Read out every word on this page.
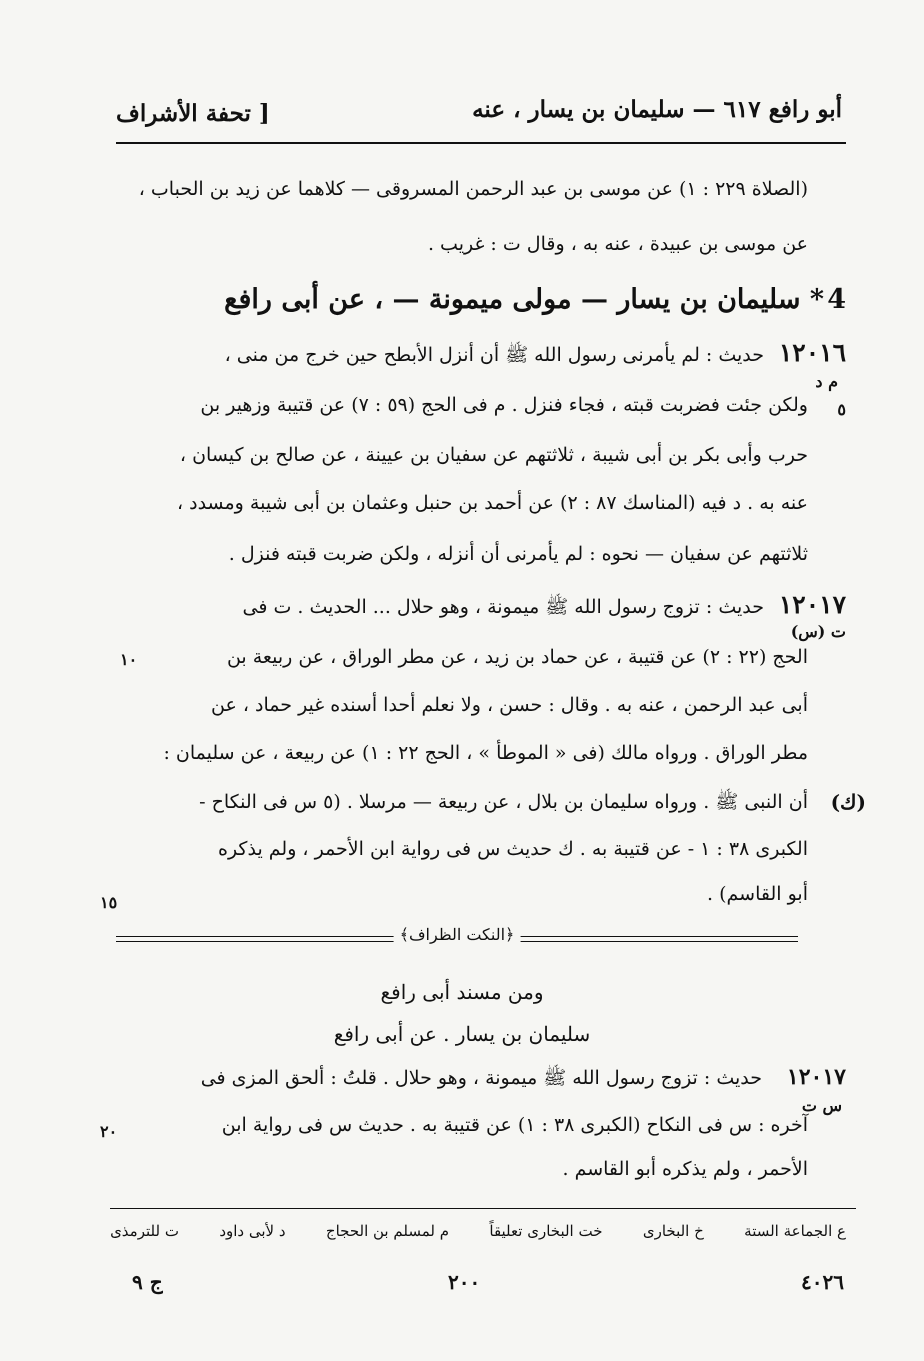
أبو رافع ٦١٧ — سليمان بن يسار ، عنه
[ تحفة الأشراف
(الصلاة ٢٢٩ : ١) عن موسى بن عبد الرحمن المسروقى — كلاهما عن زيد بن الحباب ،
عن موسى بن عبيدة ، عنه به ، وقال ت : غريب .
4
* سليمان بن يسار — مولى ميمونة — ، عن أبى رافع
١٢٠١٦
حديث : لم يأمرنى رسول الله ﷺ أن أنزل الأبطح حين خرج من منى ،
م د
ولكن جئت فضربت قبته ، فجاء فنزل . م فى الحج (٥٩ : ٧) عن قتيبة وزهير بن ٥
حرب وأبى بكر بن أبى شيبة ، ثلاثتهم عن سفيان بن عيينة ، عن صالح بن كيسان ،
عنه به . د فيه (المناسك ٨٧ : ٢) عن أحمد بن حنبل وعثمان بن أبى شيبة ومسدد ،
ثلاثتهم عن سفيان — نحوه : لم يأمرنى أن أنزله ، ولكن ضربت قبته فنزل .
١٢٠١٧
حديث : تزوج رسول الله ﷺ ميمونة ، وهو حلال ... الحديث . ت فى
ت (س)
الحج (٢٢ : ٢) عن قتيبة ، عن حماد بن زيد ، عن مطر الوراق ، عن ربيعة بن
١٠
أبى عبد الرحمن ، عنه به . وقال : حسن ، ولا نعلم أحدا أسنده غير حماد ، عن
مطر الوراق . ورواه مالك (فى « الموطأ » ، الحج ٢٢ : ١) عن ربيعة ، عن سليمان :
(ك)
أن النبى ﷺ . ورواه سليمان بن بلال ، عن ربيعة — مرسلا . (٥ س فى النكاح -
الكبرى ٣٨ : ١ - عن قتيبة به . ك حديث س فى رواية ابن الأحمر ، ولم يذكره
أبو القاسم) .
١٥
﴿النكت الظراف﴾
ومن مسند أبى رافع
سليمان بن يسار . عن أبى رافع
١٢٠١٧
حديث : تزوج رسول الله ﷺ ميمونة ، وهو حلال . قلتُ : ألحق المزى فى
س ت
آخره : س فى النكاح (الكبرى ٣٨ : ١) عن قتيبة به . حديث س فى رواية ابن
٢٠
الأحمر ، ولم يذكره أبو القاسم .
ع الجماعة الستة
خ البخارى
خت البخارى تعليقاً
م لمسلم بن الحجاج
د لأبى داود
ت للترمذى
٤٠٢٦
٢٠٠
ج ٩
